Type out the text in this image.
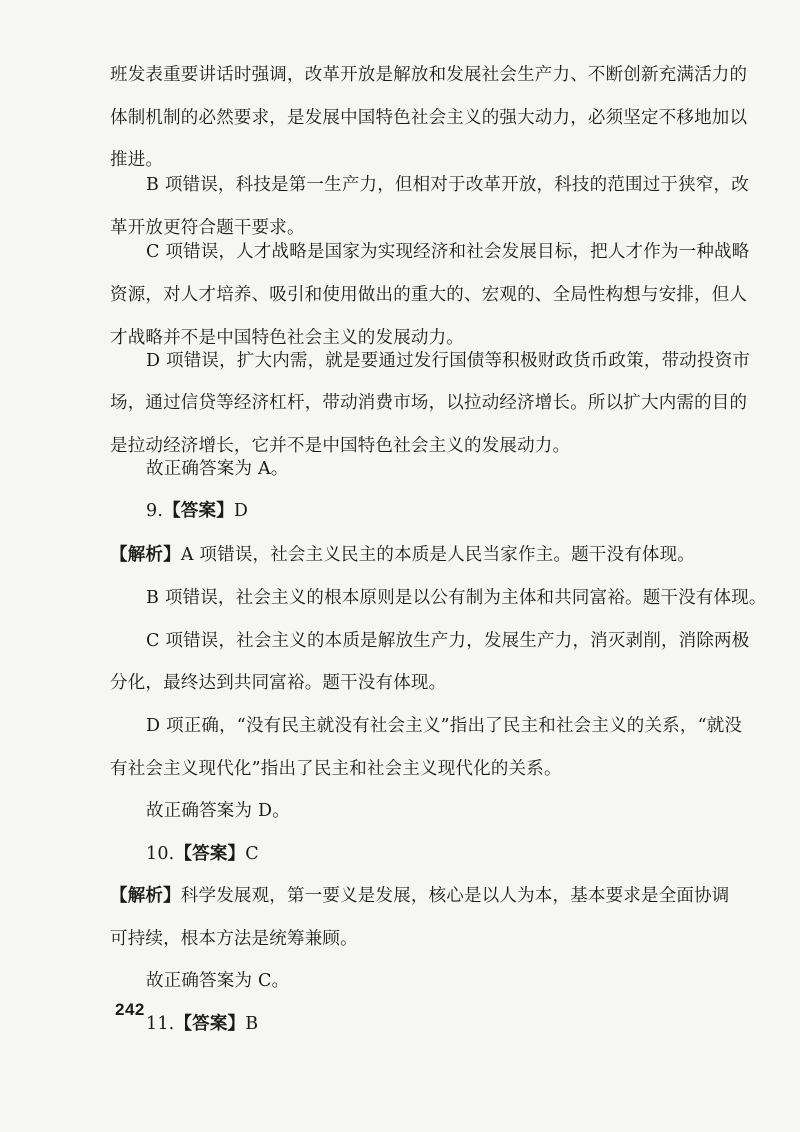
班发表重要讲话时强调，改革开放是解放和发展社会生产力、不断创新充满活力的
体制机制的必然要求，是发展中国特色社会主义的强大动力，必须坚定不移地加以
推进。
B 项错误，科技是第一生产力，但相对于改革开放，科技的范围过于狭窄，改
革开放更符合题干要求。
C 项错误，人才战略是国家为实现经济和社会发展目标，把人才作为一种战略
资源，对人才培养、吸引和使用做出的重大的、宏观的、全局性构想与安排，但人
才战略并不是中国特色社会主义的发展动力。
D 项错误，扩大内需，就是要通过发行国债等积极财政货币政策，带动投资市
场，通过信贷等经济杠杆，带动消费市场，以拉动经济增长。所以扩大内需的目的
是拉动经济增长，它并不是中国特色社会主义的发展动力。
故正确答案为 A。
9.【答案】D
【解析】A 项错误，社会主义民主的本质是人民当家作主。题干没有体现。
B 项错误，社会主义的根本原则是以公有制为主体和共同富裕。题干没有体现。
C 项错误，社会主义的本质是解放生产力，发展生产力，消灭剥削，消除两极
分化，最终达到共同富裕。题干没有体现。
D 项正确，“没有民主就没有社会主义”指出了民主和社会主义的关系，“就没
有社会主义现代化”指出了民主和社会主义现代化的关系。
故正确答案为 D。
10.【答案】C
【解析】科学发展观，第一要义是发展，核心是以人为本，基本要求是全面协调
可持续，根本方法是统筹兼顾。
故正确答案为 C。
11.【答案】B
242
